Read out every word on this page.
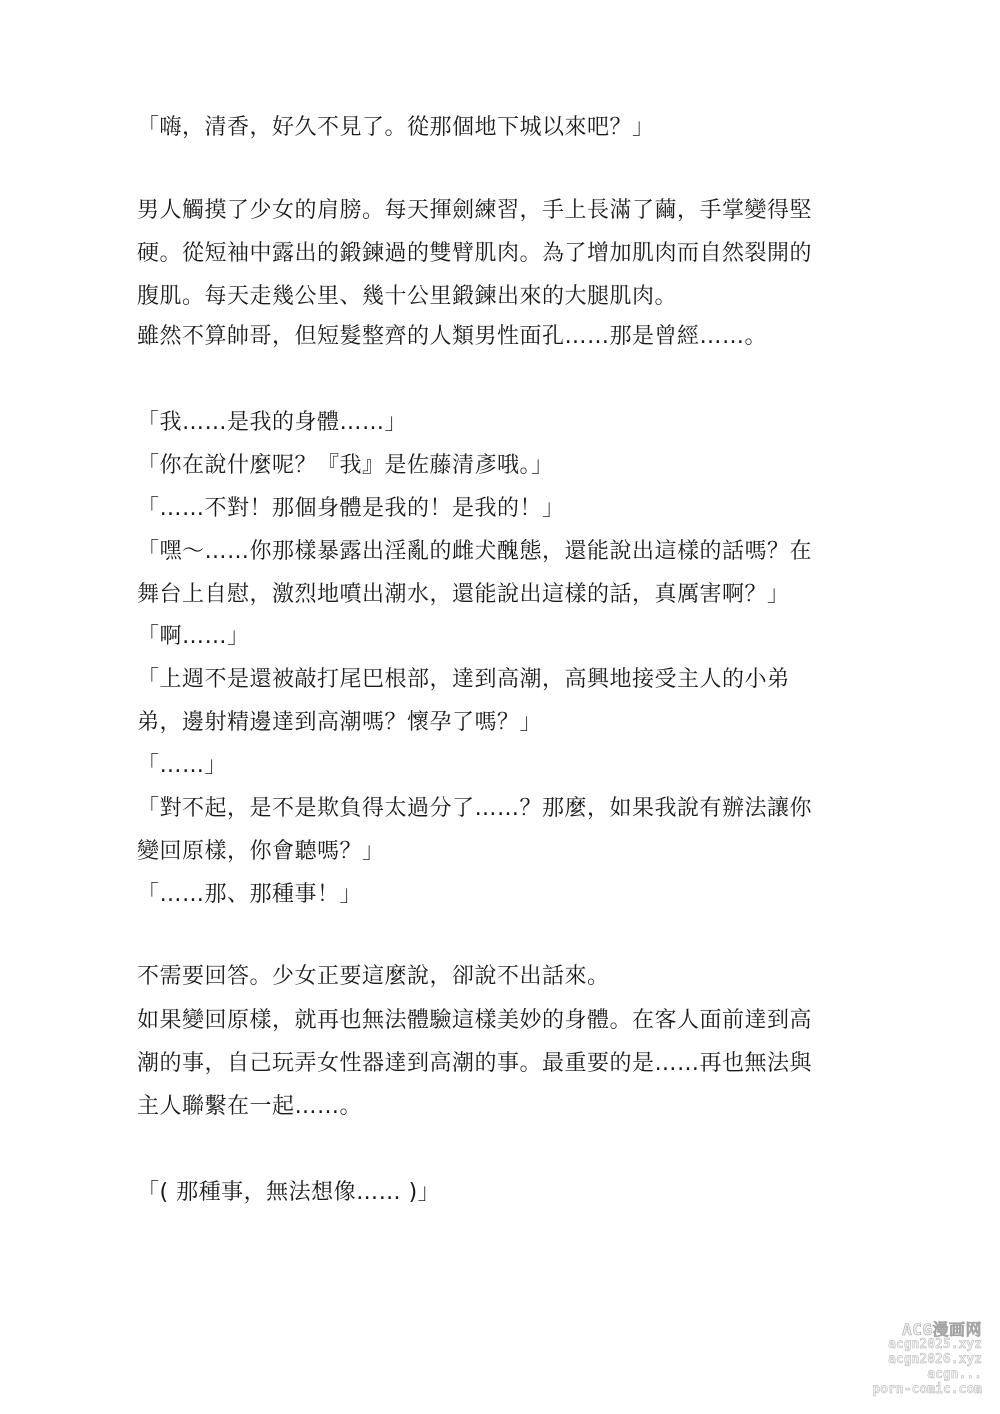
「嗨，清香，好久不見了。從那個地下城以來吧？」
男人觸摸了少女的肩膀。每天揮劍練習，手上長滿了繭，手掌變得堅
硬。從短袖中露出的鍛鍊過的雙臂肌肉。為了增加肌肉而自然裂開的
腹肌。每天走幾公里、幾十公里鍛鍊出來的大腿肌肉。
雖然不算帥哥，但短髮整齊的人類男性面孔……那是曾經……。
「我……是我的身體……」
「你在說什麼呢？『我』是佐藤清彥哦。」
「……不對！那個身體是我的！是我的！」
「嘿～……你那樣暴露出淫亂的雌犬醜態，還能說出這樣的話嗎？在
舞台上自慰，激烈地噴出潮水，還能說出這樣的話，真厲害啊？」
「啊……」
「上週不是還被敲打尾巴根部，達到高潮，高興地接受主人的小弟
弟，邊射精邊達到高潮嗎？懷孕了嗎？」
「……」
「對不起，是不是欺負得太過分了……？那麼，如果我說有辦法讓你
變回原樣，你會聽嗎？」
「……那、那種事！」
不需要回答。少女正要這麼說，卻說不出話來。
如果變回原樣，就再也無法體驗這樣美妙的身體。在客人面前達到高
潮的事，自己玩弄女性器達到高潮的事。最重要的是……再也無法與
主人聯繫在一起……。
「( 那種事，無法想像…… )」
ACG漫画网
acgn2025.xyz
acgn2026.xyz
acgn...
porn-comic.com
